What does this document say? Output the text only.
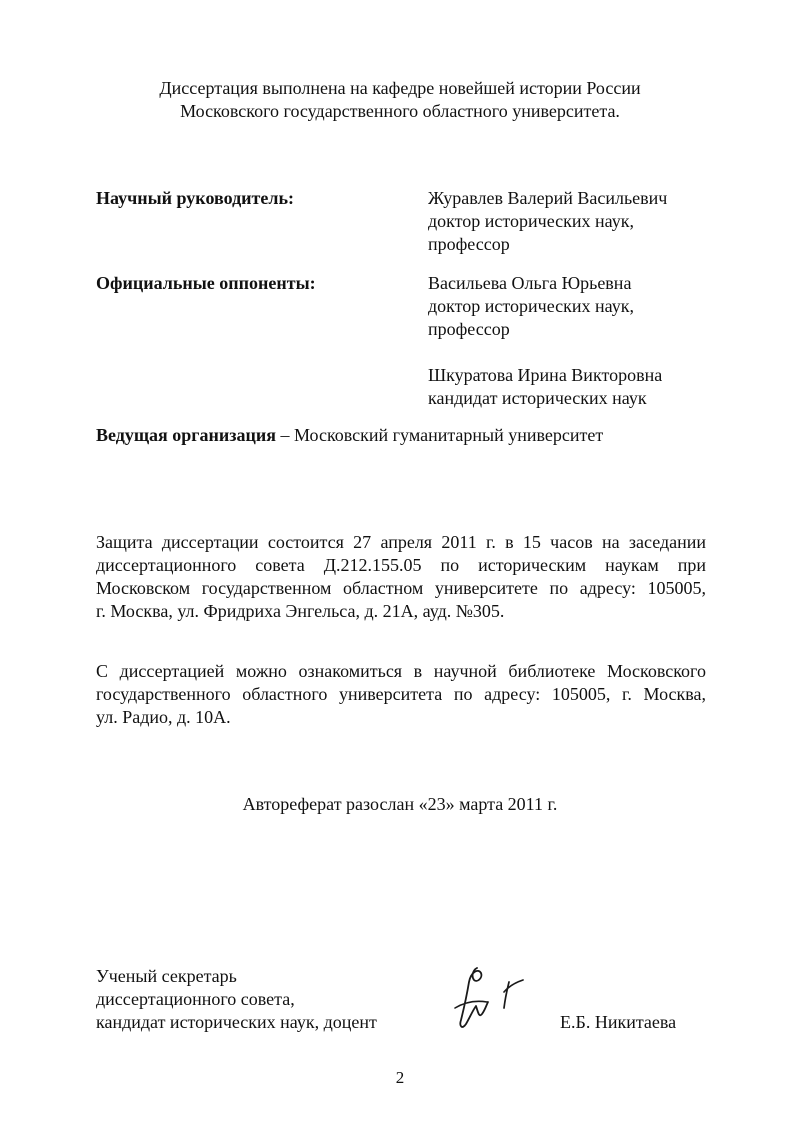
Диссертация выполнена на кафедре новейшей истории России
Московского государственного областного университета.
Научный руководитель:	Журавлев Валерий Васильевич
доктор исторических наук,
профессор
Официальные оппоненты:	Васильева Ольга Юрьевна
доктор исторических наук,
профессор
Шкуратова Ирина Викторовна
кандидат исторических наук
Ведущая организация – Московский гуманитарный университет
Защита диссертации состоится 27 апреля 2011 г. в 15 часов на заседании
диссертационного совета Д.212.155.05 по историческим наукам при
Московском государственном областном университете по адресу: 105005,
г. Москва, ул. Фридриха Энгельса, д. 21А, ауд. №305.
С диссертацией можно ознакомиться в научной библиотеке Московского
государственного областного университета по адресу: 105005, г. Москва,
ул. Радио, д. 10А.
Автореферат разослан «23» марта 2011 г.
Ученый секретарь
диссертационного совета,
кандидат исторических наук, доцент	Е.Б. Никитаева
2
